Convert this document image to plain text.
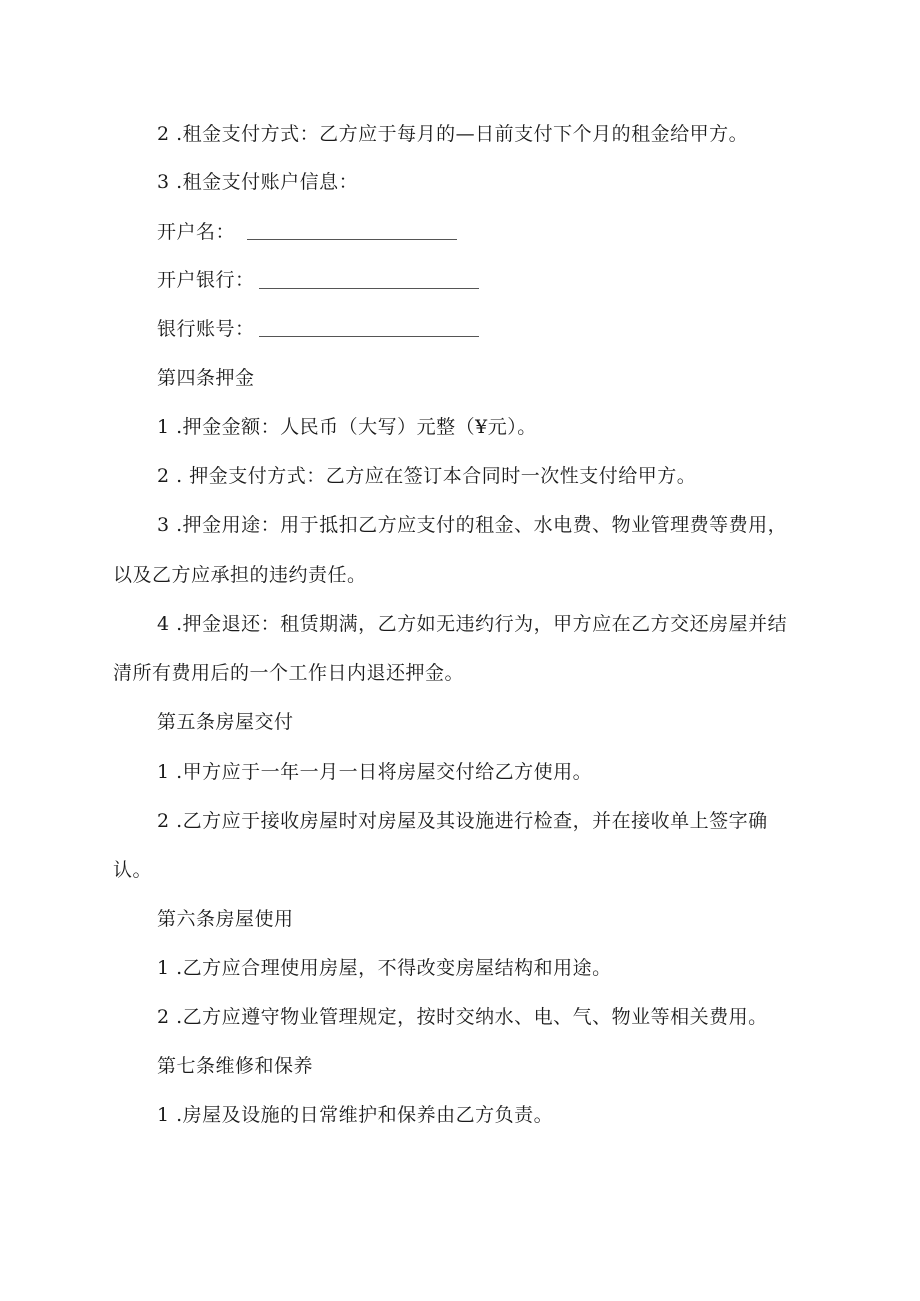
2 .租金支付方式：乙方应于每月的—日前支付下个月的租金给甲方。
3 .租金支付账户信息：
开户名：
开户银行：
银行账号：
第四条押金
1 .押金金额：人民币（大写）元整（¥元）。
2 . 押金支付方式：乙方应在签订本合同时一次性支付给甲方。
3 .押金用途：用于抵扣乙方应支付的租金、水电费、物业管理费等费用，
以及乙方应承担的违约责任。
4 .押金退还：租赁期满，乙方如无违约行为，甲方应在乙方交还房屋并结
清所有费用后的一个工作日内退还押金。
第五条房屋交付
1 .甲方应于一年一月一日将房屋交付给乙方使用。
2 .乙方应于接收房屋时对房屋及其设施进行检查，并在接收单上签字确
认。
第六条房屋使用
1 .乙方应合理使用房屋，不得改变房屋结构和用途。
2 .乙方应遵守物业管理规定，按时交纳水、电、气、物业等相关费用。
第七条维修和保养
1 .房屋及设施的日常维护和保养由乙方负责。
